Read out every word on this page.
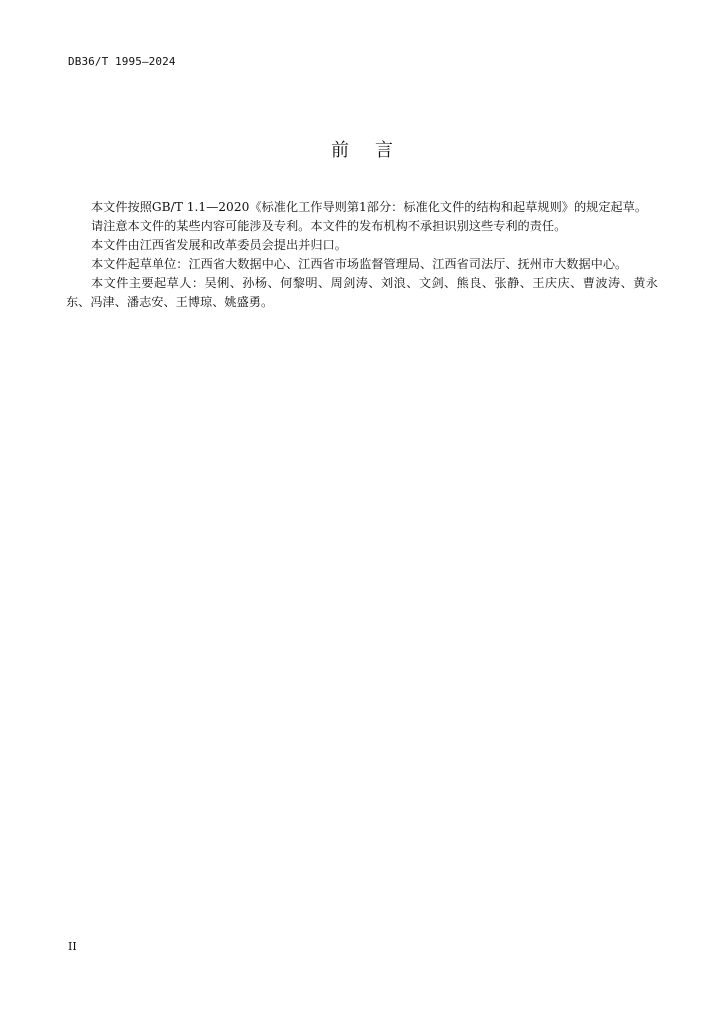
DB36/T 1995—2024
前言

本文件按照GB/T 1.1—2020《标准化工作导则第1部分：标准化文件的结构和起草规则》的规定起草。

请注意本文件的某些内容可能涉及专利。本文件的发布机构不承担识别这些专利的责任。

本文件由江西省发展和改革委员会提出并归口。

本文件起草单位：江西省大数据中心、江西省市场监督管理局、江西省司法厅、抚州市大数据中心。

本文件主要起草人：吴俐、孙杨、何黎明、周剑涛、刘浪、文剑、熊良、张静、王庆庆、曹波涛、黄永东、冯津、潘志安、王博琼、姚盛勇。

II
